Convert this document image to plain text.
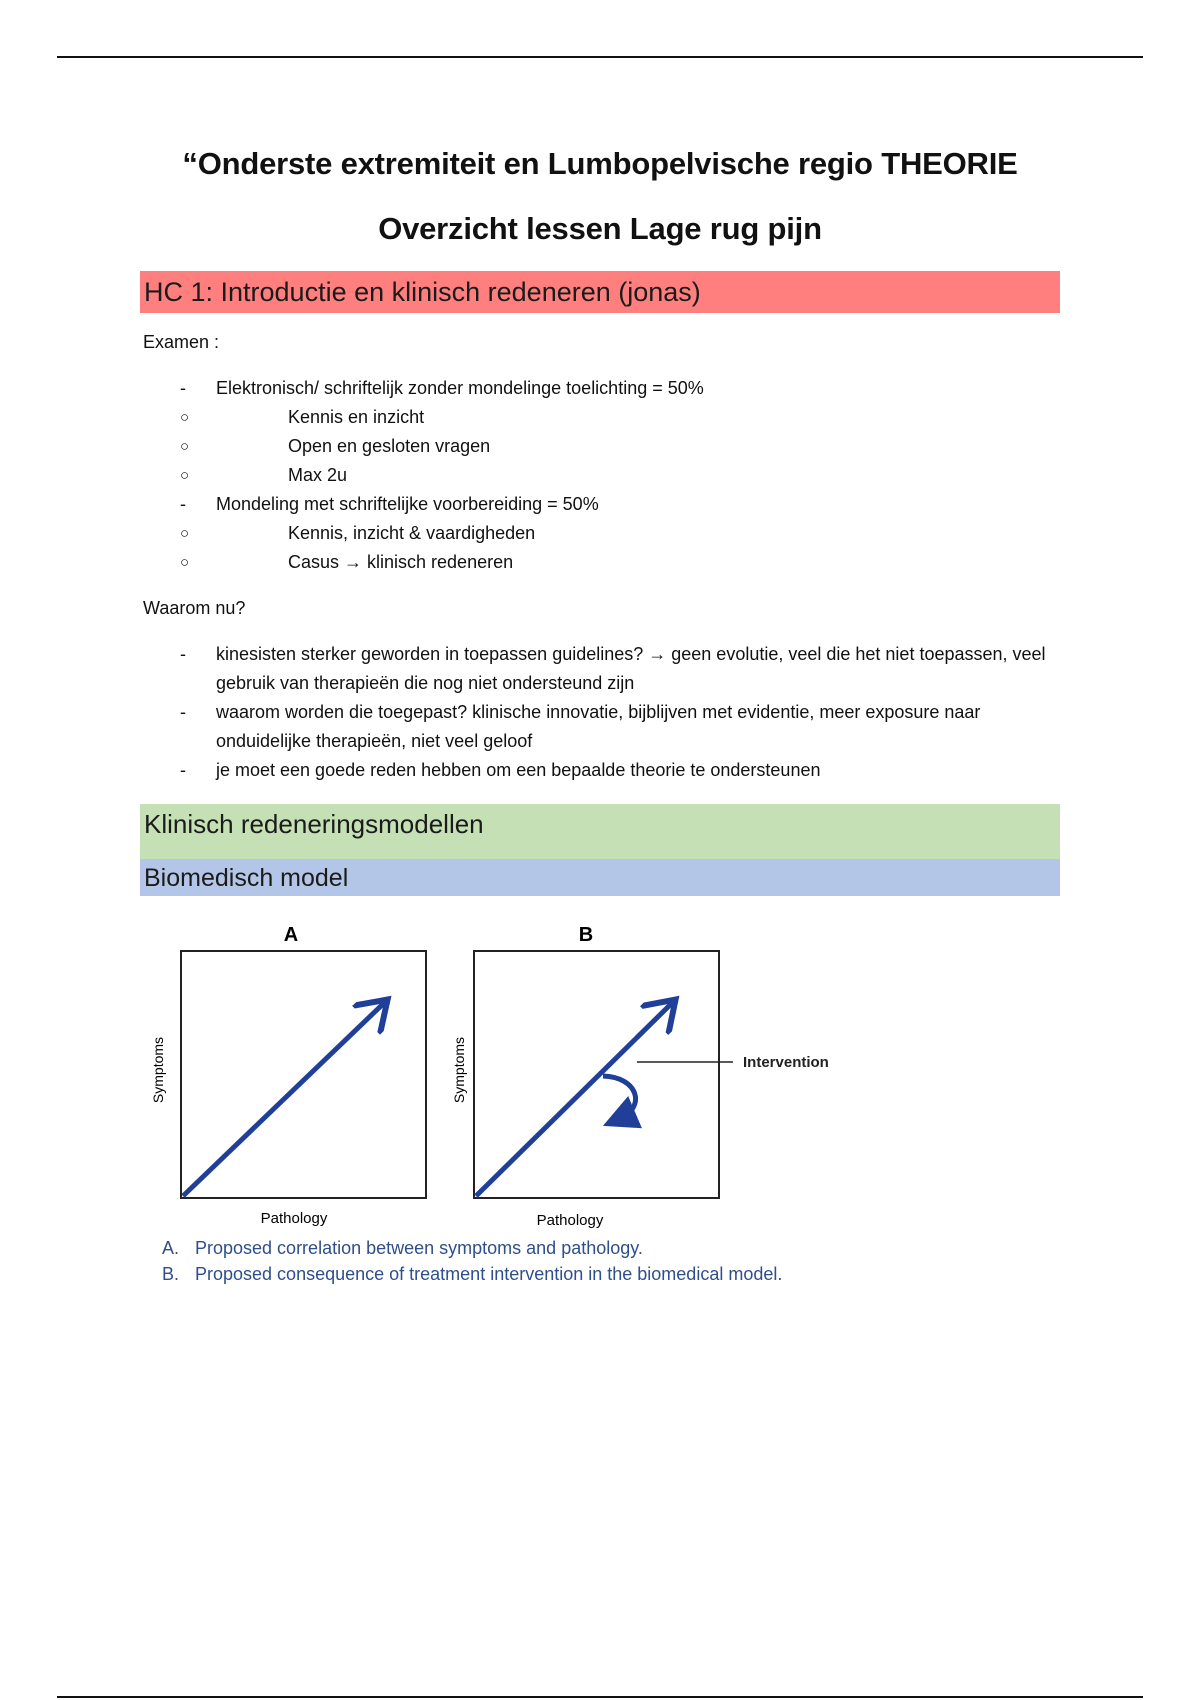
“Onderste extremiteit en Lumbopelvische regio THEORIE
Overzicht lessen Lage rug pijn
HC 1: Introductie en klinisch redeneren (jonas)
Examen :
- Elektronisch/ schriftelijk zonder mondelinge toelichting = 50%
○	Kennis en inzicht
○	Open en gesloten vragen
○	Max 2u
- Mondeling met schriftelijke voorbereiding = 50%
○	Kennis, inzicht & vaardigheden
○	Casus → klinisch redeneren
Waarom nu?
- kinesisten sterker geworden in toepassen guidelines? → geen evolutie, veel die het niet toepassen, veel gebruik van therapieën die nog niet ondersteund zijn
- waarom worden die toegepast? klinische innovatie, bijblijven met evidentie, meer exposure naar onduidelijke therapieën, niet veel geloof
- je moet een goede reden hebben om een bepaalde theorie te ondersteunen
Klinisch redeneringsmodellen
Biomedisch model
A
Symptoms
Pathology
B
Intervention
Symptoms
Pathology
A. Proposed correlation between symptoms and pathology.
B. Proposed consequence of treatment intervention in the biomedical model.
